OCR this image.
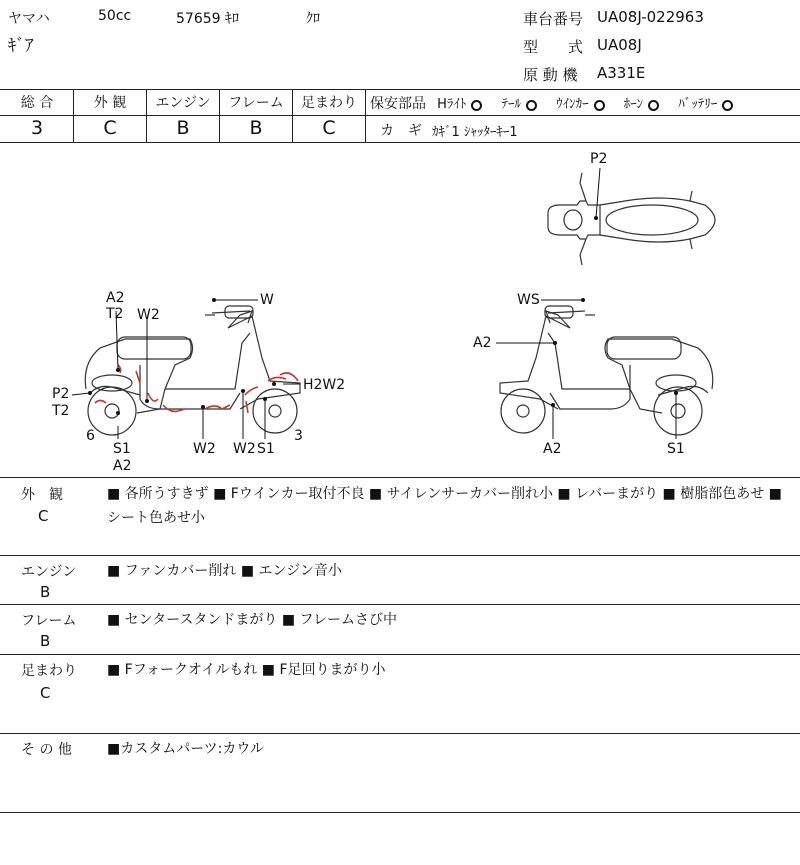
ヤマハ	50cc	57659 ｷﾛ	ｸﾛ
ｷﾞｱ
車台番号 UA08J-022963
型　　式 UA08J
原 動 機 A331E
総 合	外 観	エンジン	フレーム	足まわり
3	C	B	B	C
保安部品 Hﾗｲﾄ	ﾃｰﾙ	ｳｲﾝｶｰ	ﾎｰﾝ	ﾊﾞｯﾃﾘｰ
カ　ギ ｶｷﾞ1 ｼｬｯﾀｰｷｰ1
P2
A2
T2 W2
W
P2
T2
H2W2
6
S1
A2
W2 W2 S1
3
WS
A2
A2	S1
外　観
C
■ 各所うすきず ■ Fウインカー取付不良 ■ サイレンサーカバー削れ小 ■ レバーまがり ■ 樹脂部色あせ ■ シート色あせ小
エンジン
B
■ ファンカバー削れ ■ エンジン音小
フレーム
B
■ センタースタンドまがり ■ フレームさび中
足まわり
C
■ Fフォークオイルもれ ■ F足回りまがり小
そ の 他	■カスタムパーツ:カウル
